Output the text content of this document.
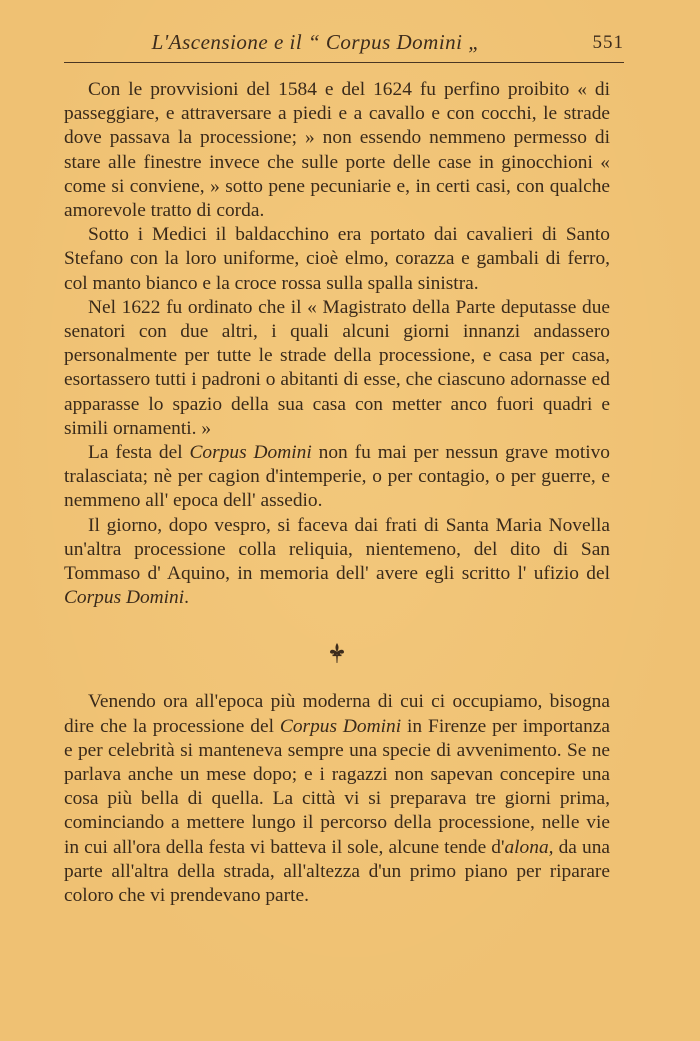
L'Ascensione e il “ Corpus Domini „	551

Con le provvisioni del 1584 e del 1624 fu perfino proibito « di passeggiare, e attraversare a piedi e a cavallo e con cocchi, le strade dove passava la processione; » non essendo nemmeno permesso di stare alle finestre invece che sulle porte delle case in ginocchioni « come si conviene, » sotto pene pecuniarie e, in certi casi, con qualche amorevole tratto di corda.

Sotto i Medici il baldacchino era portato dai cavalieri di Santo Stefano con la loro uniforme, cioè elmo, corazza e gambali di ferro, col manto bianco e la croce rossa sulla spalla sinistra.

Nel 1622 fu ordinato che il « Magistrato della Parte deputasse due senatori con due altri, i quali alcuni giorni innanzi andassero personalmente per tutte le strade della processione, e casa per casa, esortassero tutti i padroni o abitanti di esse, che ciascuno adornasse ed apparasse lo spazio della sua casa con metter anco fuori quadri e simili ornamenti. »

La festa del Corpus Domini non fu mai per nessun grave motivo tralasciata; nè per cagion d'intemperie, o per contagio, o per guerre, e nemmeno all' epoca dell' assedio.

Il giorno, dopo vespro, si faceva dai frati di Santa Maria Novella un'altra processione colla reliquia, nientemeno, del dito di San Tommaso d' Aquino, in memoria dell' avere egli scritto l' ufizio del Corpus Domini.

Venendo ora all'epoca più moderna di cui ci occupiamo, bisogna dire che la processione del Corpus Domini in Firenze per importanza e per celebrità si manteneva sempre una specie di avvenimento. Se ne parlava anche un mese dopo; e i ragazzi non sapevan concepire una cosa più bella di quella. La città vi si preparava tre giorni prima, cominciando a mettere lungo il percorso della processione, nelle vie in cui all'ora della festa vi batteva il sole, alcune tende d'alona, da una parte all'altra della strada, all'altezza d'un primo piano per riparare coloro che vi prendevano parte.
